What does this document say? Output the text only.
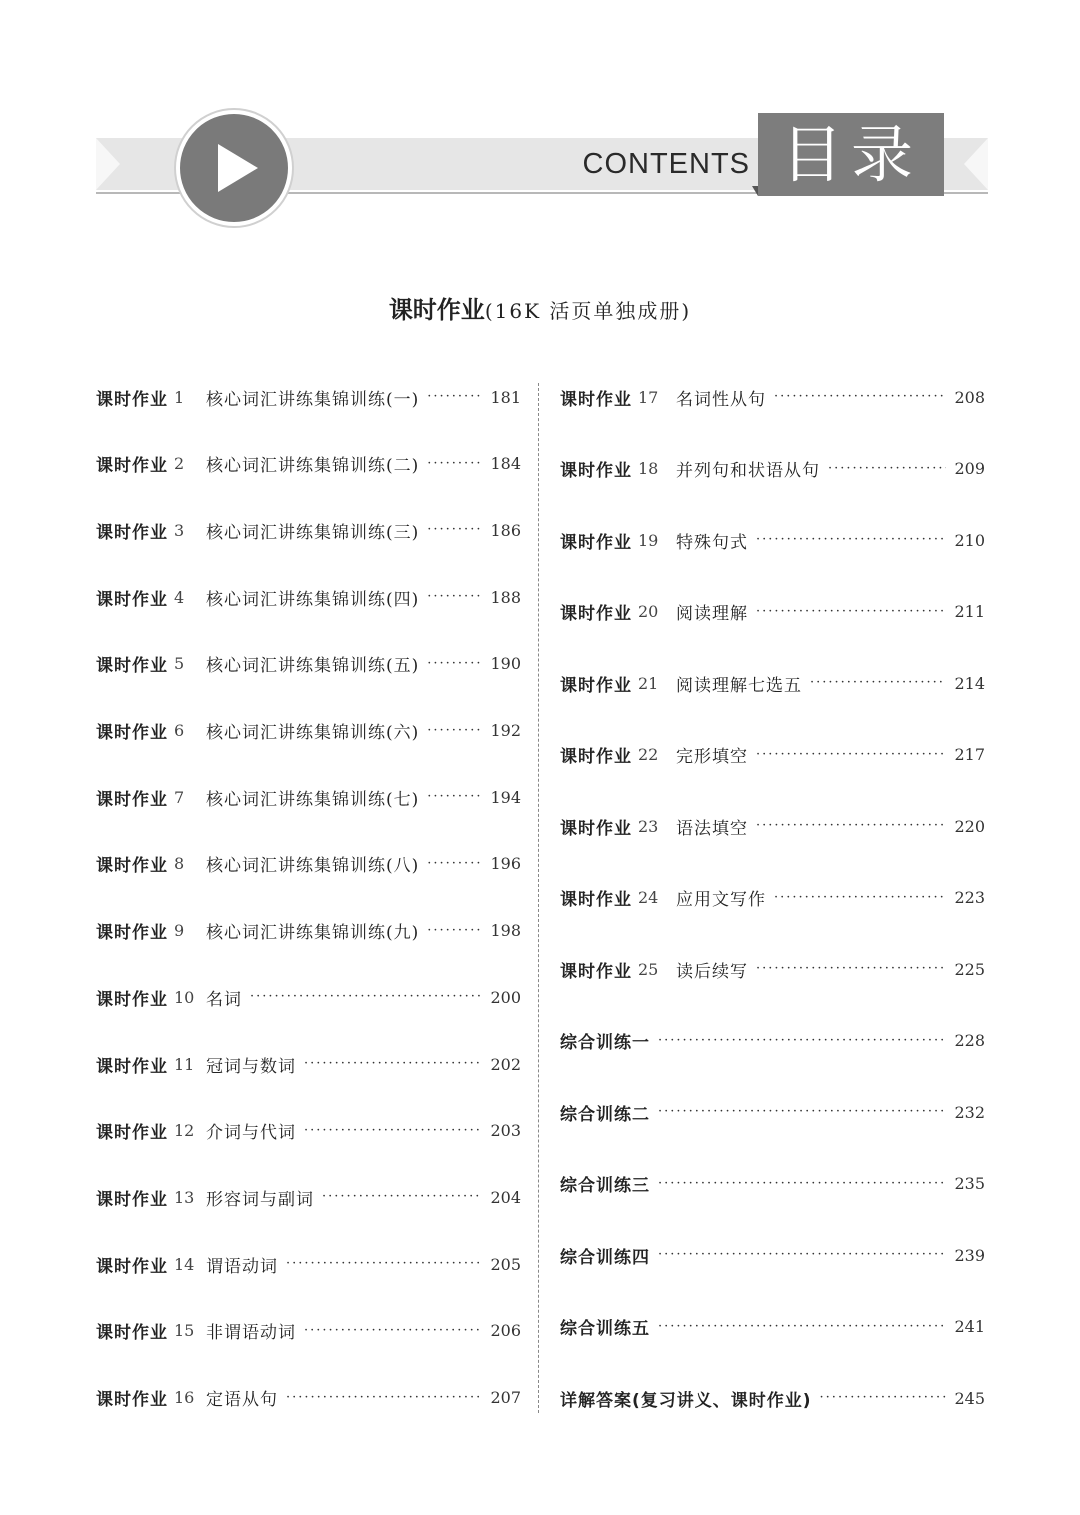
CONTENTS 目录
课时作业(16K 活页单独成册)
课时作业 1	核心词汇讲练集锦训练(一) ·····	181
课时作业 2	核心词汇讲练集锦训练(二) ·····	184
课时作业 3	核心词汇讲练集锦训练(三) ·····	186
课时作业 4	核心词汇讲练集锦训练(四) ·····	188
课时作业 5	核心词汇讲练集锦训练(五) ·····	190
课时作业 6	核心词汇讲练集锦训练(六) ·····	192
课时作业 7	核心词汇讲练集锦训练(七) ·····	194
课时作业 8	核心词汇讲练集锦训练(八) ·····	196
课时作业 9	核心词汇讲练集锦训练(九) ·····	198
课时作业 10 名词 ·····	200
课时作业 11 冠词与数词 ·····	202
课时作业 12 介词与代词 ·····	203
课时作业 13 形容词与副词 ·····	204
课时作业 14 谓语动词 ·····	205
课时作业 15 非谓语动词 ·····	206
课时作业 16 定语从句 ·····	207
课时作业 17	名词性从句 ·····	208
课时作业 18	并列句和状语从句 ·····	209
课时作业 19	特殊句式 ·····	210
课时作业 20	阅读理解 ·····	211
课时作业 21	阅读理解七选五 ·····	214
课时作业 22	完形填空 ·····	217
课时作业 23	语法填空 ·····	220
课时作业 24	应用文写作 ·····	223
课时作业 25	读后续写 ·····	225
综合训练一 ·····	228
综合训练二 ·····	232
综合训练三 ·····	235
综合训练四 ·····	239
综合训练五 ·····	241
详解答案(复习讲义、课时作业) ·····	245
